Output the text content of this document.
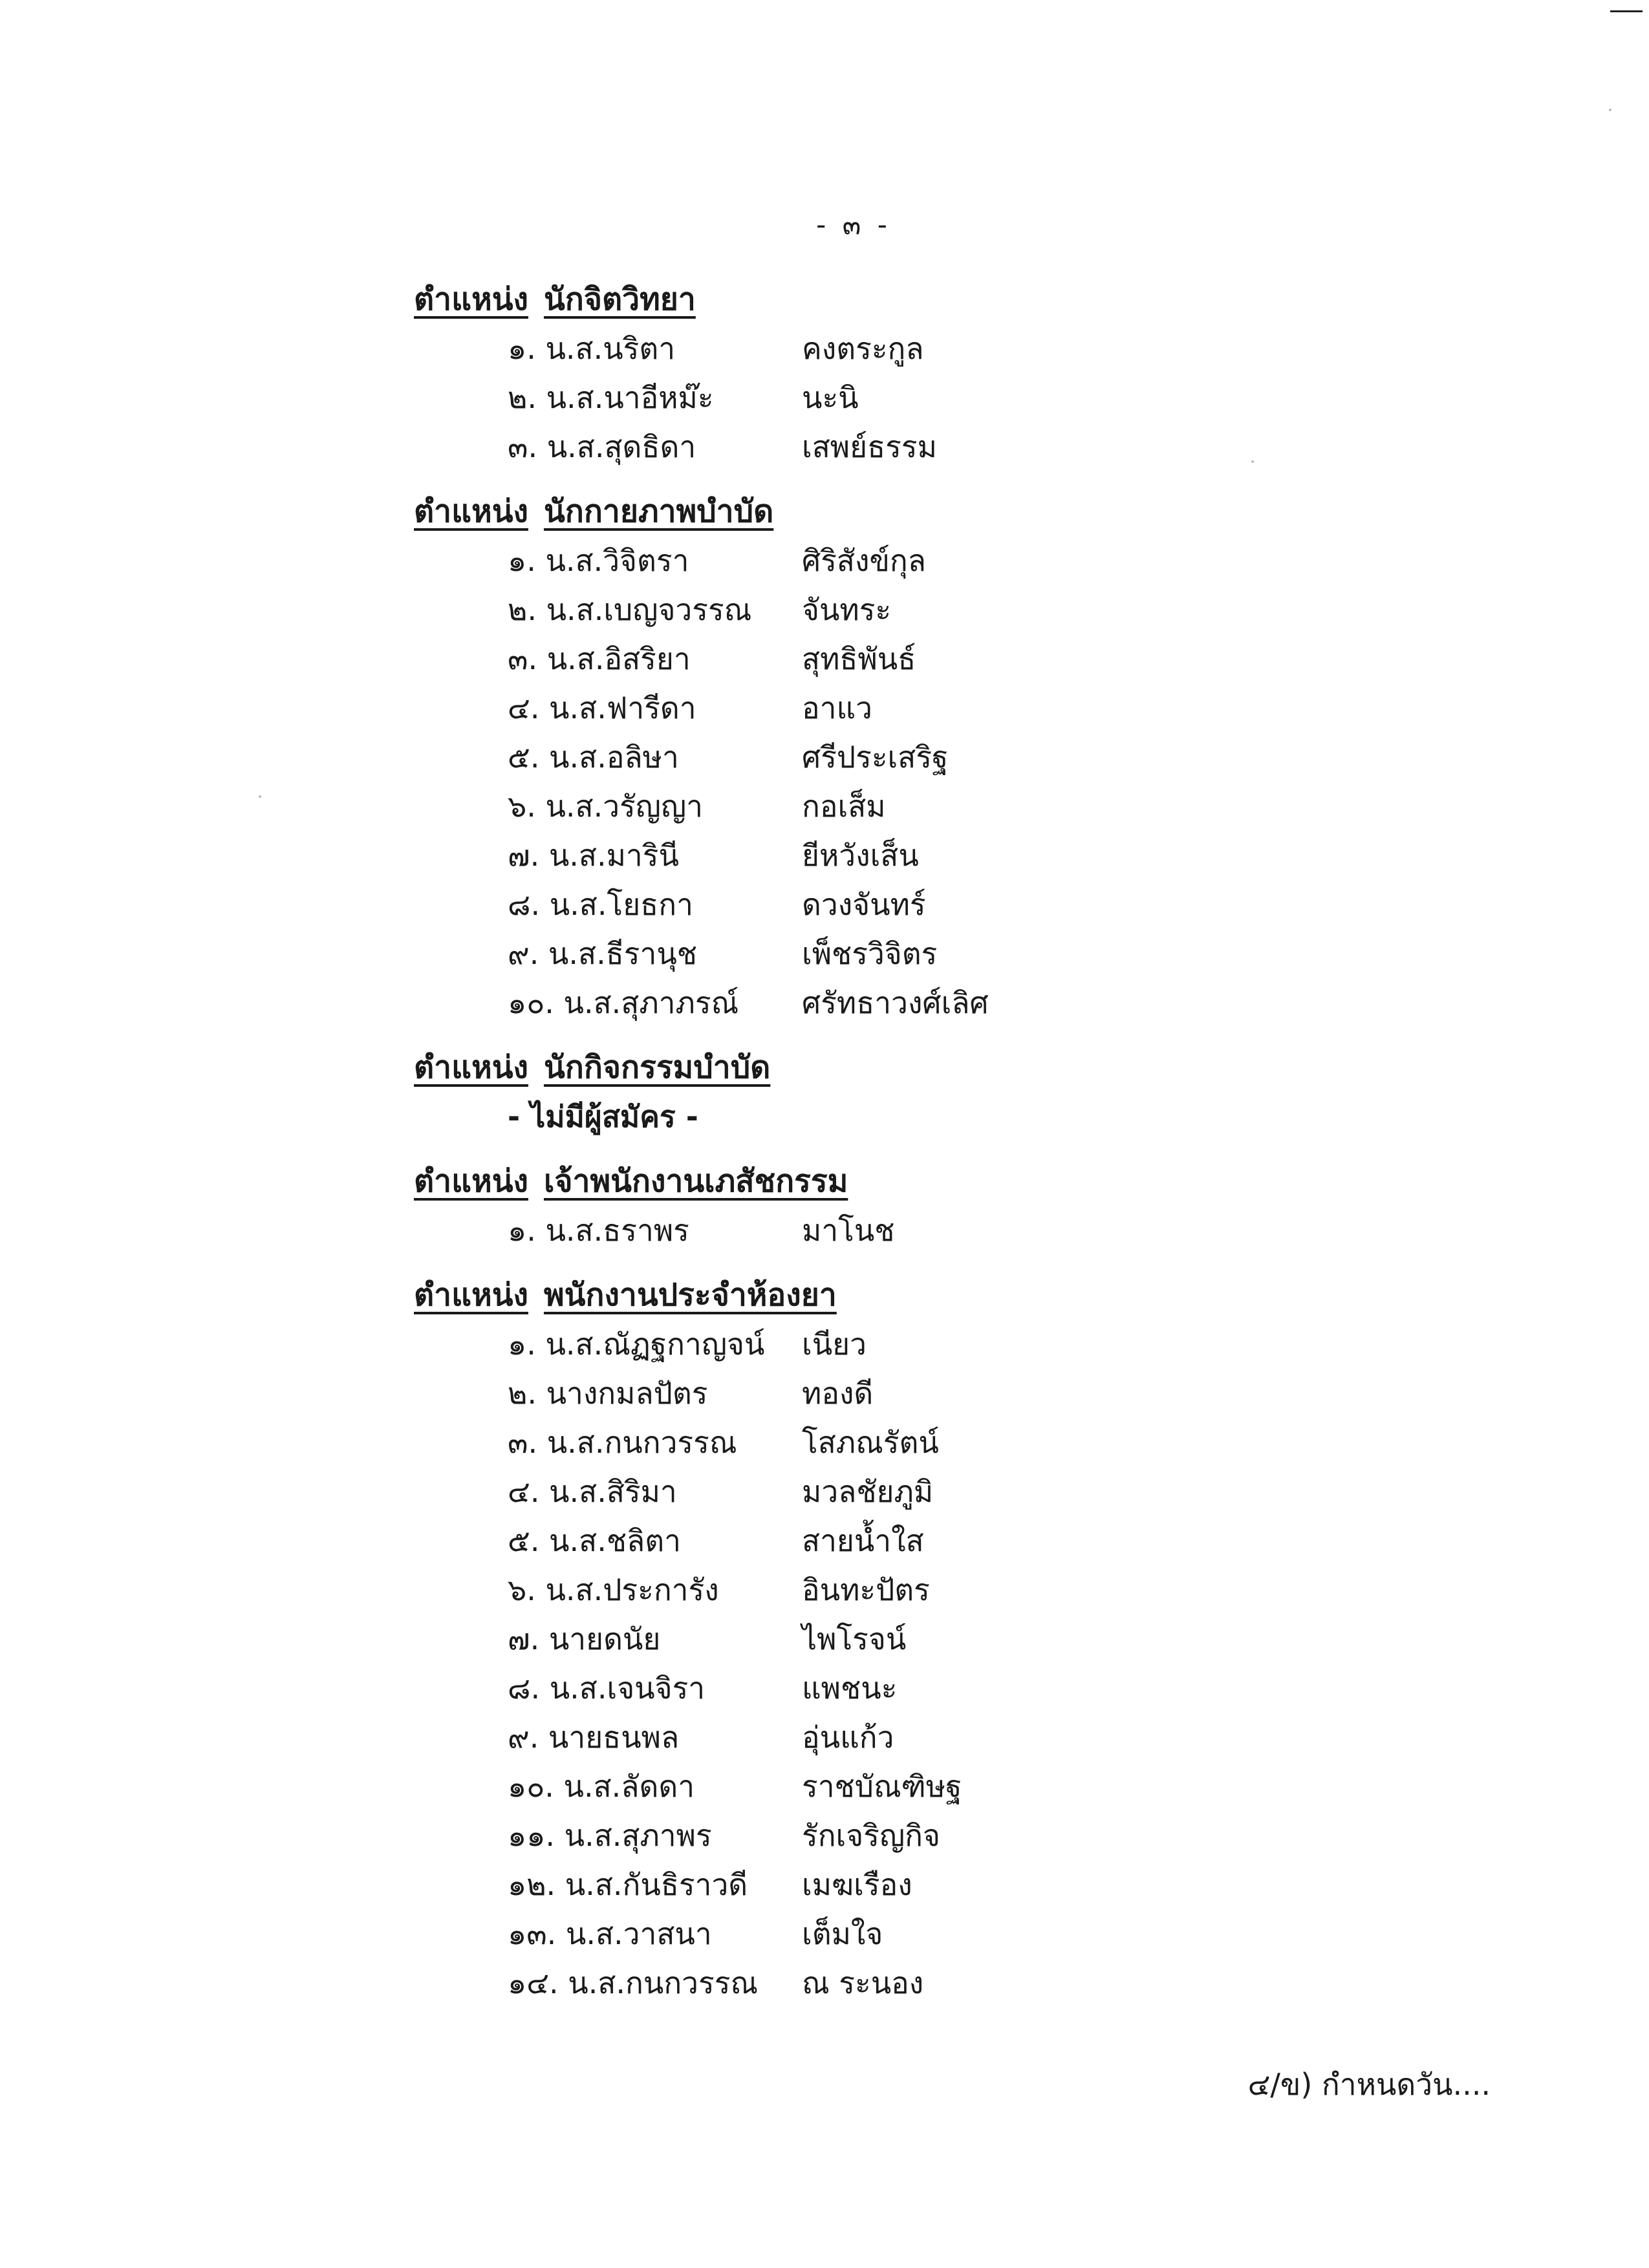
- ๓ -
ตำแหน่ง นักจิตวิทยา
๑. น.ส.นริตา	คงตระกูล
๒. น.ส.นาอีหม๊ะ	นะนิ
๓. น.ส.สุดธิดา	เสพย์ธรรม
ตำแหน่ง นักกายภาพบำบัด
๑. น.ส.วิจิตรา	ศิริสังข์กุล
๒. น.ส.เบญจวรรณ จันทระ
๓. น.ส.อิสริยา	สุทธิพันธ์
๔. น.ส.ฟารีดา	อาแว
๕. น.ส.อลิษา	ศรีประเสริฐ
๖. น.ส.วรัญญา	กอเส็ม
๗. น.ส.มารินี	ยีหวังเส็น
๘. น.ส.โยธกา	ดวงจันทร์
๙. น.ส.ธีรานุช	เพ็ชรวิจิตร
๑๐. น.ส.สุภาภรณ์ ศรัทธาวงศ์เลิศ
ตำแหน่ง นักกิจกรรมบำบัด
- ไม่มีผู้สมัคร -
ตำแหน่ง เจ้าพนักงานเภสัชกรรม
๑. น.ส.ธราพร	มาโนช
ตำแหน่ง พนักงานประจำห้องยา
๑. น.ส.ณัฏฐกาญจน์ เนียว
๒. นางกมลปัตร	ทองดี
๓. น.ส.กนกวรรณ โสภณรัตน์
๔. น.ส.สิริมา	มวลชัยภูมิ
๕. น.ส.ชลิตา	สายน้ำใส
๖. น.ส.ประการัง	อินทะปัตร
๗. นายดนัย	ไพโรจน์
๘. น.ส.เจนจิรา	แพชนะ
๙. นายธนพล	อุ่นแก้ว
๑๐. น.ส.ลัดดา	ราชบัณฑิษฐ
๑๑. น.ส.สุภาพร	รักเจริญกิจ
๑๒. น.ส.กันธิราวดี เมฆเรือง
๑๓. น.ส.วาสนา	เต็มใจ
๑๔. น.ส.กนกวรรณ ณ ระนอง
๔/ข) กำหนดวัน....
